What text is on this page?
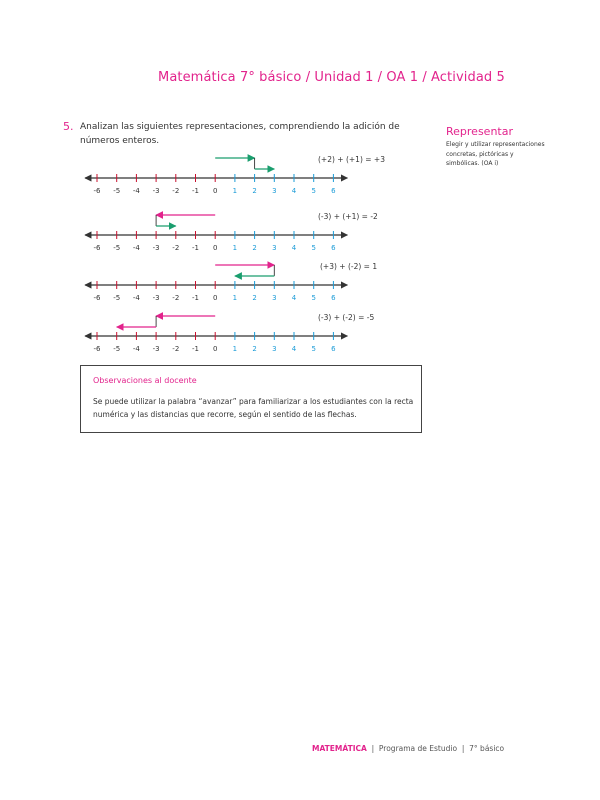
Matemática 7° básico / Unidad 1 / OA 1 / Actividad 5
5. Analizan las siguientes representaciones, comprendiendo la adición de números enteros.
Representar
Elegir y utilizar representaciones concretas, pictóricas y simbólicas. (OA i)
-6 -5 -4 -3 -2 -1 0 1 2 3 4 5 6
(+2) + (+1) = +3
-6 -5 -4 -3 -2 -1 0 1 2 3 4 5 6
(-3) + (+1) = -2
-6 -5 -4 -3 -2 -1 0 1 2 3 4 5 6
(+3) + (-2) = 1
-6 -5 -4 -3 -2 -1 0 1 2 3 4 5 6
(-3) + (-2) = -5
Observaciones al docente
Se puede utilizar la palabra “avanzar” para familiarizar a los estudiantes con la recta numérica y las distancias que recorre, según el sentido de las flechas.
MATEMÁTICA  |  Programa de Estudio  |  7° básico
